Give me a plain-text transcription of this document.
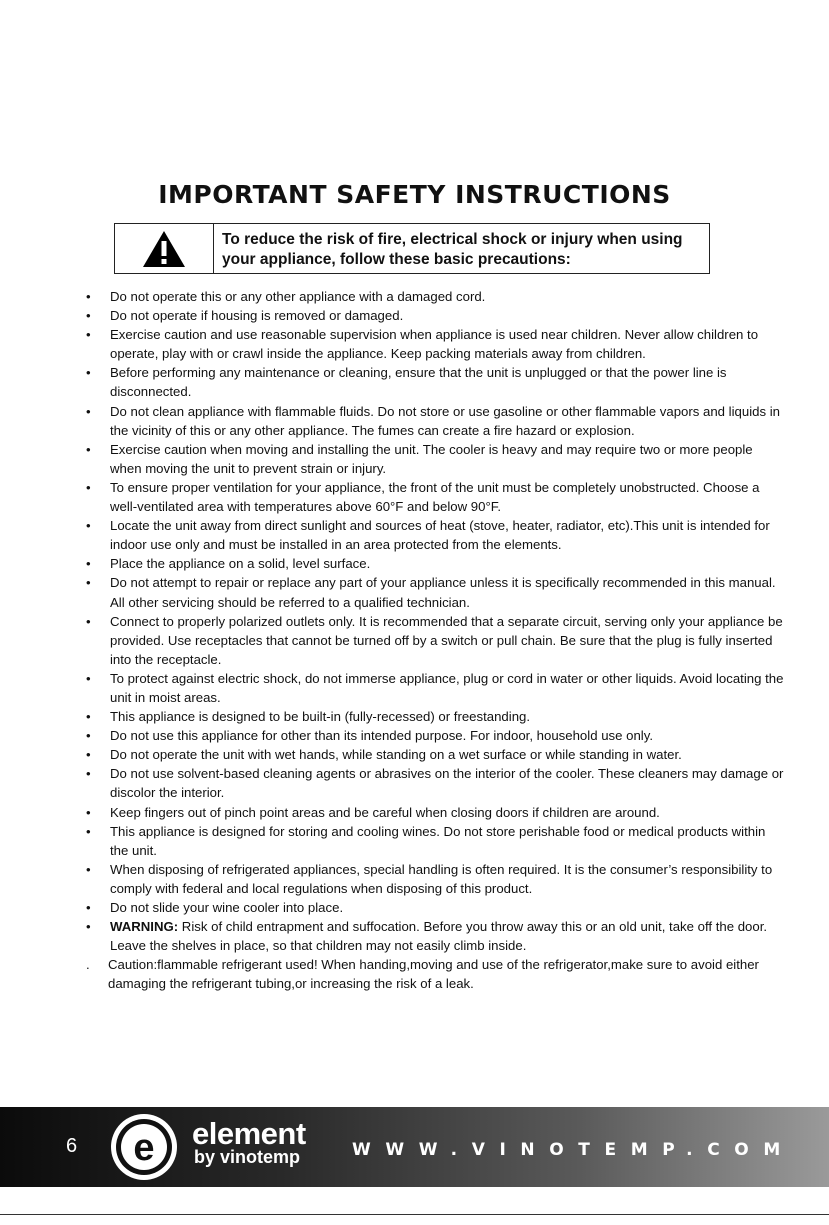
IMPORTANT SAFETY INSTRUCTIONS
To reduce the risk of fire, electrical shock or injury when using
your appliance, follow these basic precautions:
•	Do not operate this or any other appliance with a damaged cord.
•	Do not operate if housing is removed or damaged.
•	Exercise caution and use reasonable supervision when appliance is used near children. Never allow children to operate, play with or crawl inside the appliance. Keep packing materials away from children.
•	Before performing any maintenance or cleaning, ensure that the unit is unplugged or that the power line is disconnected.
•	Do not clean appliance with flammable fluids. Do not store or use gasoline or other flammable vapors and liquids in the vicinity of this or any other appliance. The fumes can create a fire hazard or explosion.
•	Exercise caution when moving and installing the unit. The cooler is heavy and may require two or more people when moving the unit to prevent strain or injury.
•	To ensure proper ventilation for your appliance, the front of the unit must be completely unobstructed. Choose a well-ventilated area with temperatures above 60°F and below 90°F.
•	Locate the unit away from direct sunlight and sources of heat (stove, heater, radiator, etc).This unit is intended for indoor use only and must be installed in an area protected from the elements.
•	Place the appliance on a solid, level surface.
•	Do not attempt to repair or replace any part of your appliance unless it is specifically recommended in this manual. All other servicing should be referred to a qualified technician.
•	Connect to properly polarized outlets only. It is recommended that a separate circuit, serving only your appliance be provided. Use receptacles that cannot be turned off by a switch or pull chain. Be sure that the plug is fully inserted into the receptacle.
•	To protect against electric shock, do not immerse appliance, plug or cord in water or other liquids. Avoid locating the unit in moist areas.
•	This appliance is designed to be built-in (fully-recessed) or freestanding.
•	Do not use this appliance for other than its intended purpose. For indoor, household use only.
•	Do not operate the unit with wet hands, while standing on a wet surface or while standing in water.
•	Do not use solvent-based cleaning agents or abrasives on the interior of the cooler. These cleaners may damage or discolor the interior.
•	Keep fingers out of pinch point areas and be careful when closing doors if children are around.
•	This appliance is designed for storing and cooling wines. Do not store perishable food or medical products within the unit.
•	When disposing of refrigerated appliances, special handling is often required. It is the consumer’s responsibility to comply with federal and local regulations when disposing of this product.
•	Do not slide your wine cooler into place.
•	WARNING: Risk of child entrapment and suffocation. Before you throw away this or an old unit, take off the door. Leave the shelves in place, so that children may not easily climb inside.
.	Caution:flammable refrigerant used! When handing,moving and use of the refrigerator,make sure to avoid either damaging the refrigerant tubing,or increasing the risk of a leak.
6 e element
by vinotemp	WWW.VINOTEMP.COM
